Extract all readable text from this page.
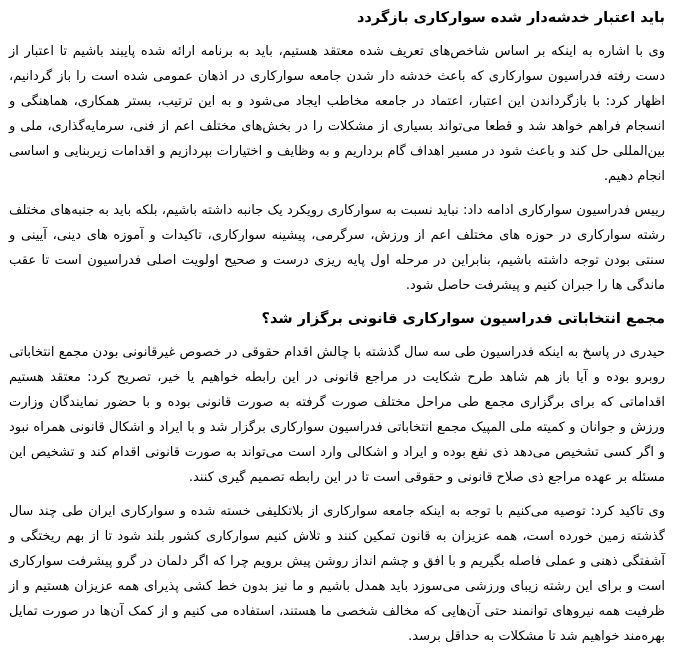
باید اعتبار خدشه‌دار شده سوارکاری بازگردد

وی با اشاره به اینکه بر اساس شاخص‌های تعریف شده معتقد هستیم، باید به برنامه ارائه شده پایبند باشیم تا اعتبار از دست رفته فدراسیون سوارکاری که باعث خدشه دار شدن جامعه سوارکاری در اذهان عمومی شده است را باز گردانیم، اظهار کرد: با بازگرداندن این اعتبار، اعتماد در جامعه مخاطب ایجاد می‌شود و به این ترتیب، بستر همکاری، هماهنگی و انسجام فراهم خواهد شد و قطعا می‌تواند بسیاری از مشکلات را در بخش‌های مختلف اعم از فنی، سرمایه‌گذاری، ملی و بین‌المللی حل کند و باعث شود در مسیر اهداف گام برداریم و به وظایف و اختیارات بپردازیم و اقدامات زیربنایی و اساسی انجام دهیم.

رییس فدراسیون سوارکاری ادامه داد: نباید نسبت به سوارکاری رویکرد یک جانبه داشته باشیم، بلکه باید به جنبه‌های مختلف رشته سوارکاری در حوزه های مختلف اعم از ورزش، سرگرمی، پیشینه سوارکاری، تاکیدات و آموزه های دینی، آیینی و سنتی بودن توجه داشته باشیم، بنابراین در مرحله اول پایه ریزی درست و صحیح اولویت اصلی فدراسیون است تا عقب ماندگی ها را جبران کنیم و پیشرفت حاصل شود.

مجمع انتخاباتی فدراسیون سوارکاری قانونی برگزار شد؟

حیدری در پاسخ به اینکه فدراسیون طی سه سال گذشته با چالش اقدام حقوقی در خصوص غیرقانونی بودن مجمع انتخاباتی روبرو بوده و آیا باز هم شاهد طرح شکایت در مراجع قانونی در این رابطه خواهیم یا خیر، تصریح کرد: معتقد هستیم اقداماتی که برای برگزاری مجمع طی مراحل مختلف صورت گرفته به صورت قانونی بوده و با حضور نمایندگان وزارت ورزش و جوانان و کمیته ملی المپیک مجمع انتخاباتی فدراسیون سوارکاری برگزار شد و با ایراد و اشکال قانونی همراه نبود و اگر کسی تشخیص می‌دهد ذی نفع بوده و ایراد و اشکالی وارد است می‌تواند به صورت قانونی اقدام کند و تشخیص این مسئله بر عهده مراجع ذی صلاح قانونی و حقوقی است تا در این رابطه تصمیم گیری کنند.

وی تاکید کرد: توصیه می‌کنیم با توجه به اینکه جامعه سوارکاری از بلاتکلیفی خسته شده و سوارکاری ایران طی چند سال گذشته زمین خورده است، همه عزیزان به قانون تمکین کنند و تلاش کنیم سوارکاری کشور بلند شود تا از بهم ریختگی و آشفتگی ذهنی و عملی فاصله بگیریم و با افق و چشم انداز روشن پیش برویم چرا که اگر دلمان در گرو پیشرفت سوارکاری است و برای این رشته زیبای ورزشی می‌سوزد باید همدل باشیم و ما نیز بدون خط کشی پذیرای همه عزیزان هستیم و از ظرفیت همه نیروهای توانمند حتی آن‌هایی که مخالف شخصی ما هستند، استفاده می کنیم و از کمک آن‌ها در صورت تمایل بهره‌مند خواهیم شد تا مشکلات به حداقل برسد.
